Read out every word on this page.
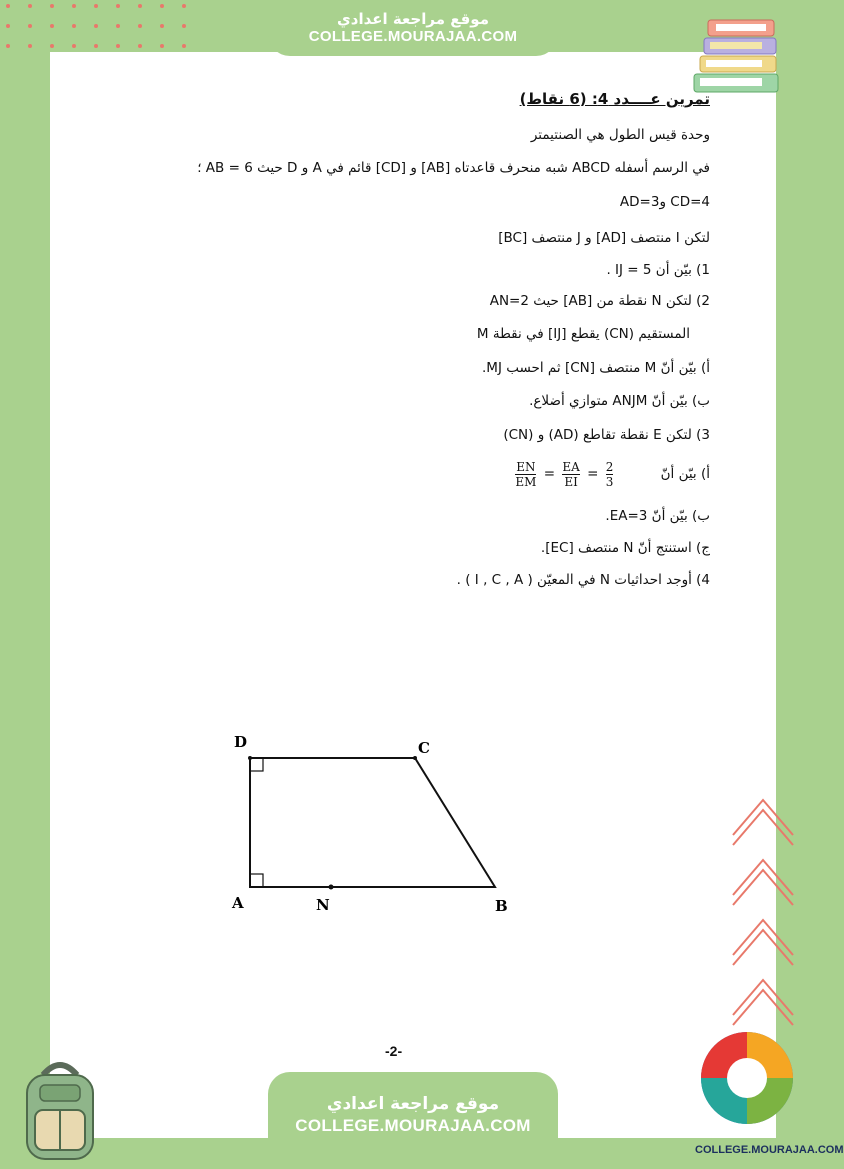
موقع مراجعة اعدادي
COLLEGE.MOURAJAA.COM
تمرين عــــدد 4: (6 نقاط)
وحدة قيس الطول هي الصنتيمتر
في الرسم أسفله ABCD شبه منحرف قاعدتاه [AB] و [CD] قائم في A و D حيث AB = 6 ؛
CD=4 وAD=3
لتكن I منتصف [AD] و J منتصف [BC]
1) بيّن أن IJ = 5 .
2) لتكن N نقطة من [AB] حيث AN=2
المستقيم (CN) يقطع [IJ] في نقطة M
أ) بيّن أنّ M منتصف [CN] ثم احسب MJ.
ب) بيّن أنّ ANJM متوازي أضلاع.
3) لتكن E نقطة تقاطع (AD) و (CN)
أ) بيّن أنّ
$\frac{EN}{EM} = \frac{EA}{EI} = \frac{2}{3}$
ب) بيّن أنّ EA=3.
ج) استنتج أنّ N منتصف [EC].
4) أوجد احداثيات N في المعيّن ( I , C , A ) .
D	C
A	N	B
-2-
موقع مراجعة اعدادي
COLLEGE.MOURAJAA.COM
COLLEGE.MOURAJAA.COM
